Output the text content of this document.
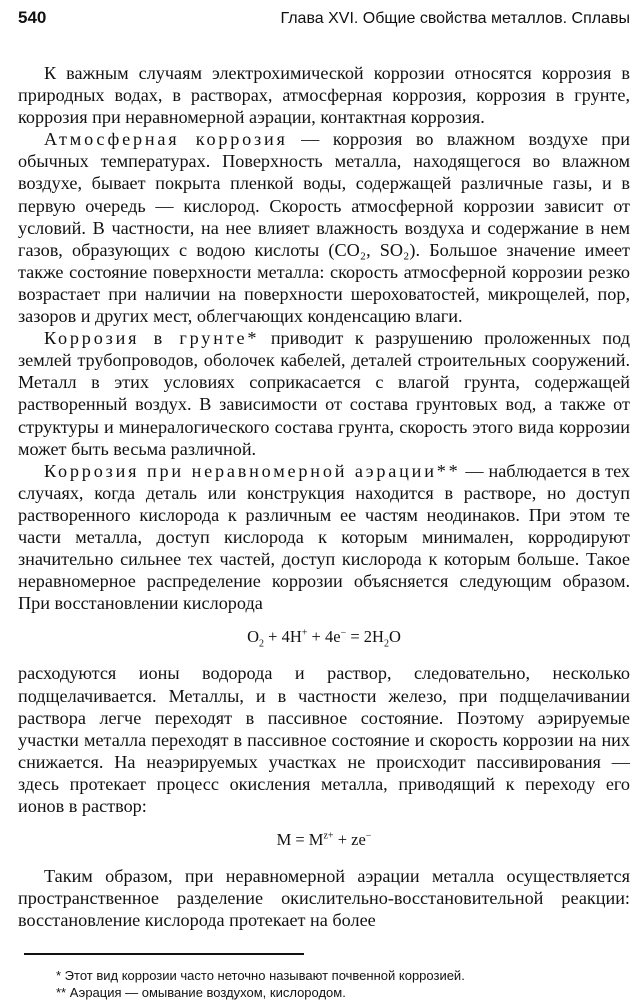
540	Глава XVI. Общие свойства металлов. Сплавы

К важным случаям электрохимической коррозии относятся коррозия в природных водах, в растворах, атмосферная коррозия, коррозия в грунте, коррозия при неравномерной аэрации, контактная коррозия.

Атмосферная коррозия — коррозия во влажном воздухе при обычных температурах. Поверхность металла, находящегося во влажном воздухе, бывает покрыта пленкой воды, содержащей различные газы, и в первую очередь — кислород. Скорость атмосферной коррозии зависит от условий. В частности, на нее влияет влажность воздуха и содержание в нем газов, образующих с водою кислоты (CO₂, SO₂). Большое значение имеет также состояние поверхности металла: скорость атмосферной коррозии резко возрастает при наличии на поверхности шероховатостей, микрощелей, пор, зазоров и других мест, облегчающих конденсацию влаги.

Коррозия в грунте* приводит к разрушению проложенных под землей трубопроводов, оболочек кабелей, деталей строительных сооружений. Металл в этих условиях соприкасается с влагой грунта, содержащей растворенный воздух. В зависимости от состава грунтовых вод, а также от структуры и минералогического состава грунта, скорость этого вида коррозии может быть весьма различной.

Коррозия при неравномерной аэрации** — наблюдается в тех случаях, когда деталь или конструкция находится в растворе, но доступ растворенного кислорода к различным ее частям неодинаков. При этом те части металла, доступ кислорода к которым минимален, корродируют значительно сильнее тех частей, доступ кислорода к которым больше. Такое неравномерное распределение коррозии объясняется следующим образом. При восстановлении кислорода

$O_2 + 4H^+ + 4e^- = 2H_2O$

расходуются ионы водорода и раствор, следовательно, несколько подщелачивается. Металлы, и в частности железо, при подщелачивании раствора легче переходят в пассивное состояние. Поэтому аэрируемые участки металла переходят в пассивное состояние и скорость коррозии на них снижается. На неаэрируемых участках не происходит пассивирования — здесь протекает процесс окисления металла, приводящий к переходу его ионов в раствор:

$M = M^{z+} + ze^-$

Таким образом, при неравномерной аэрации металла осуществляется пространственное разделение окислительно-восстановительной реакции: восстановление кислорода протекает на более

* Этот вид коррозии часто неточно называют почвенной коррозией.
** Аэрация — омывание воздухом, кислородом.
